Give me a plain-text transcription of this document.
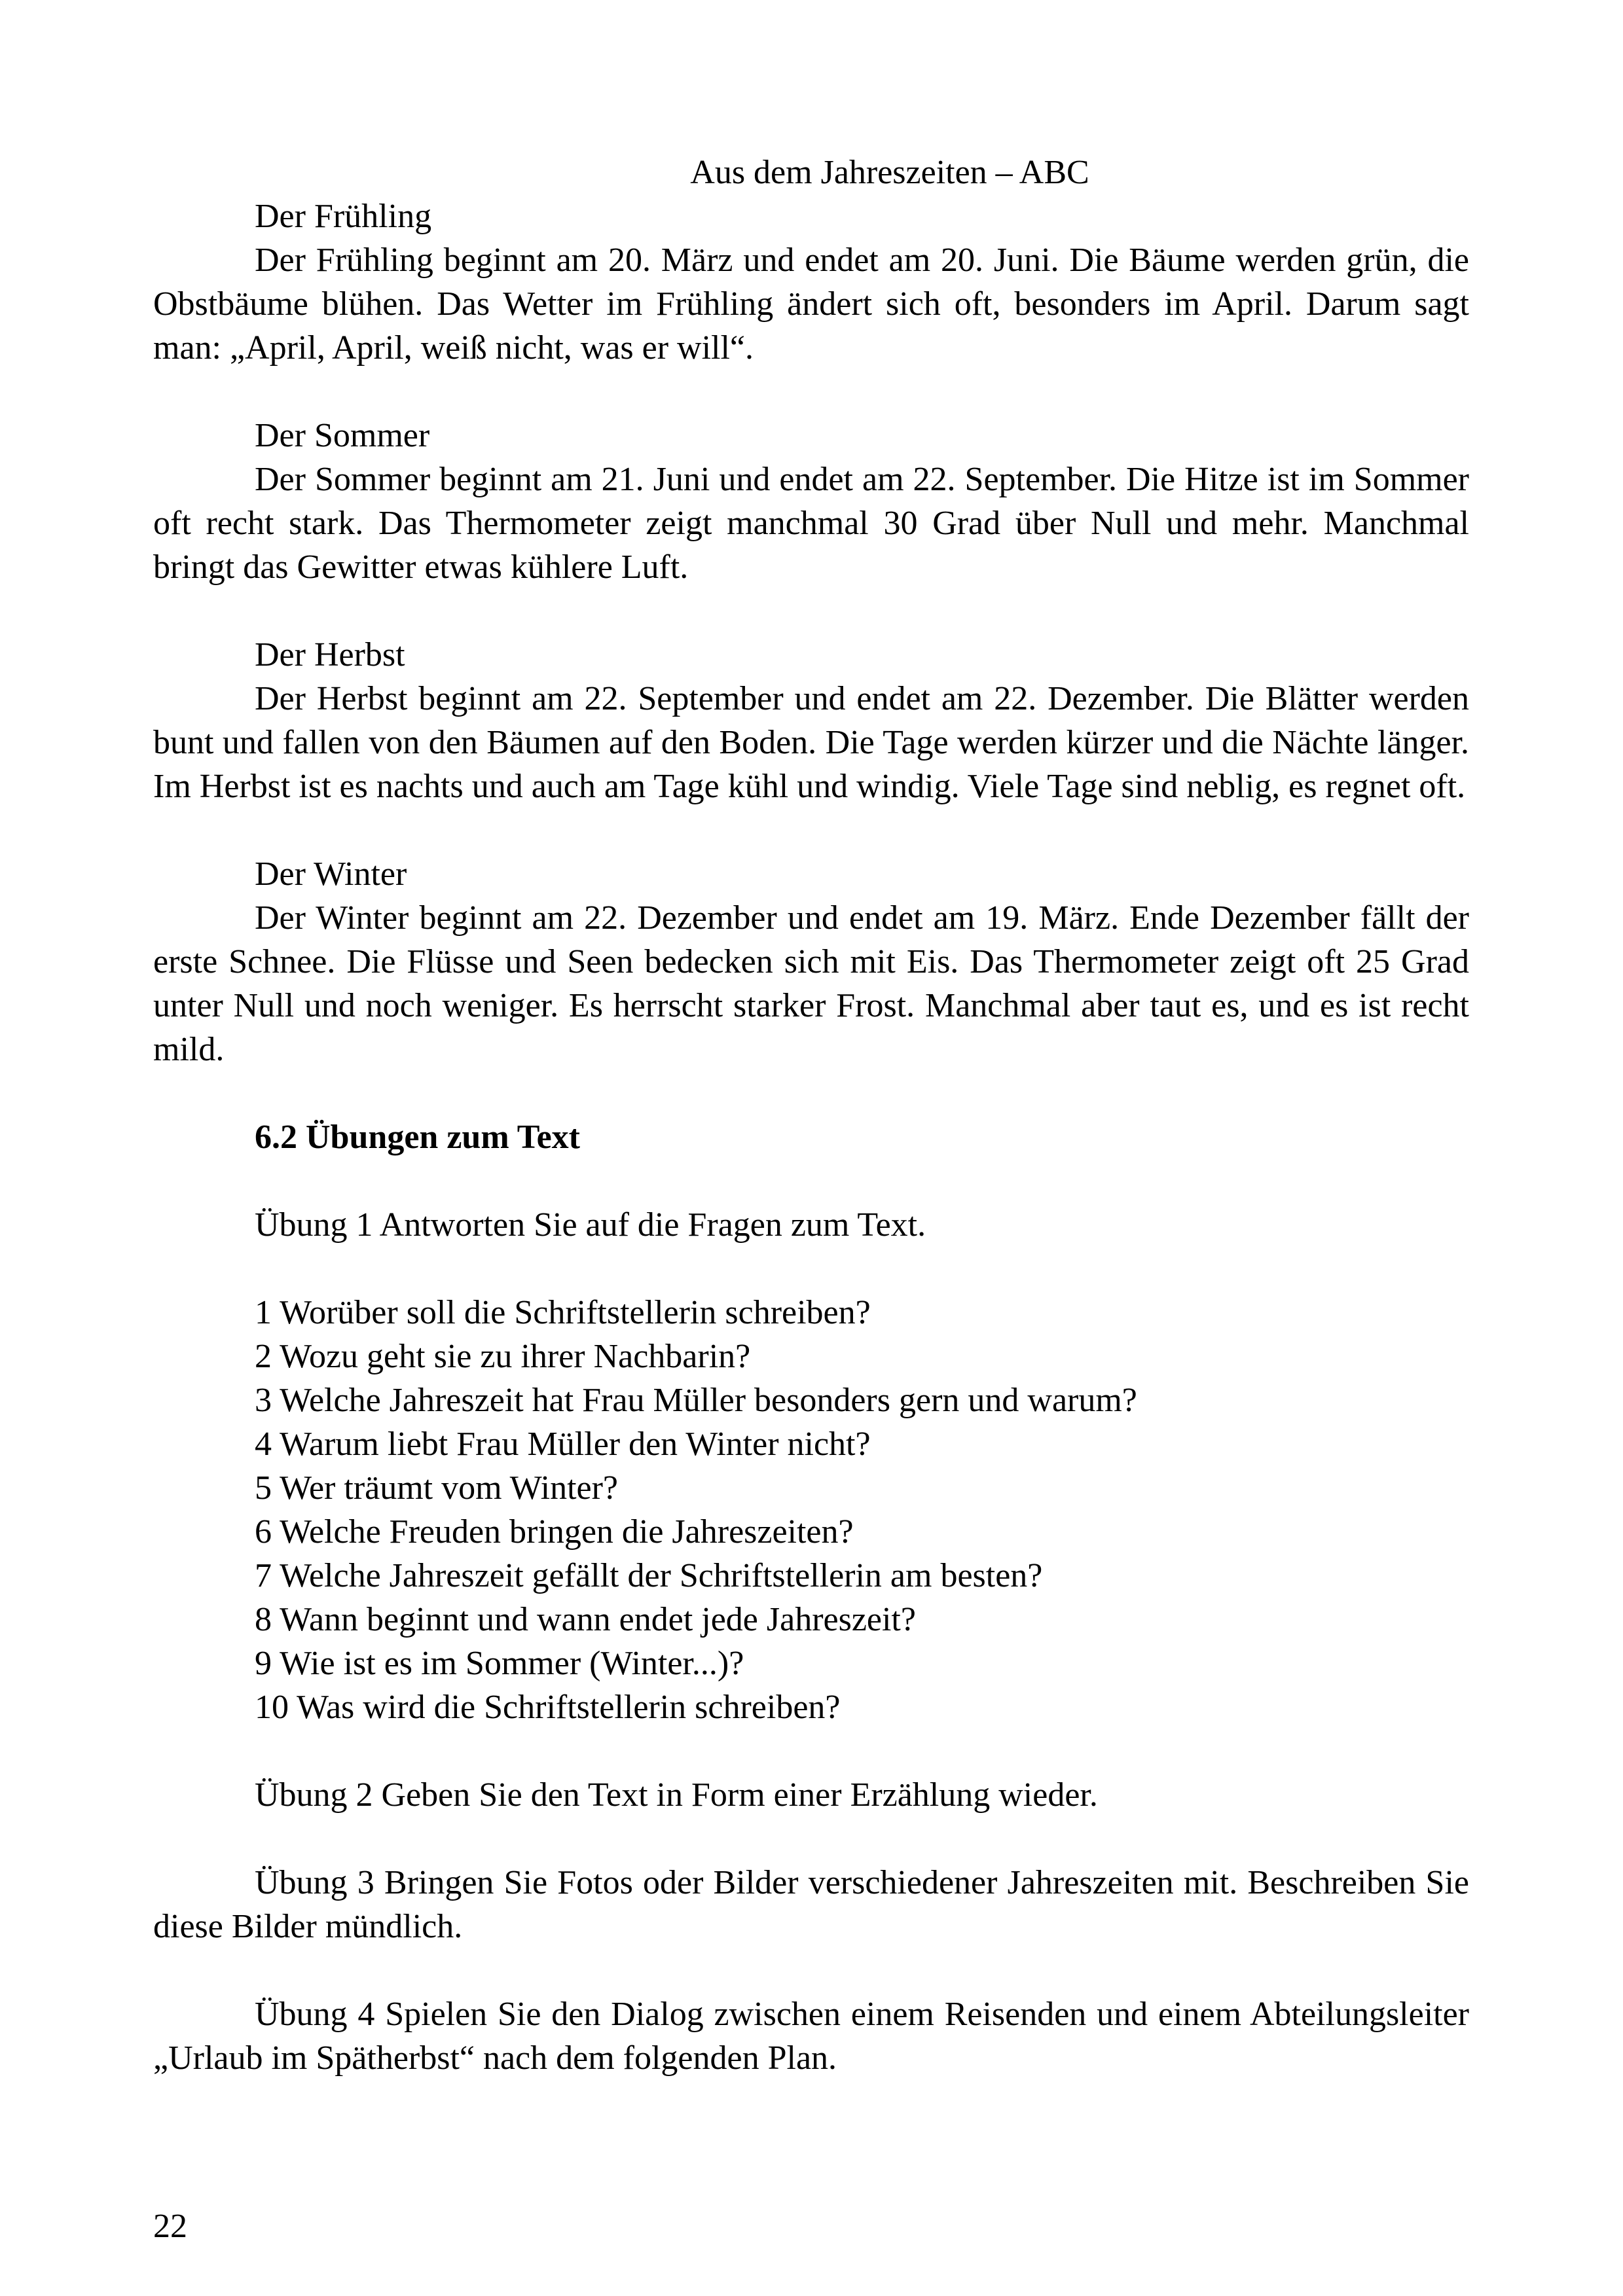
Aus dem Jahreszeiten – ABC

Der Frühling

Der Frühling beginnt am 20. März und endet am 20. Juni. Die Bäume werden grün, die Obstbäume blühen. Das Wetter im Frühling ändert sich oft, besonders im April. Darum sagt man: „April, April, weiß nicht, was er will“.

Der Sommer

Der Sommer beginnt am 21. Juni und endet am 22. September. Die Hitze ist im Sommer oft recht stark. Das Thermometer zeigt manchmal 30 Grad über Null und mehr. Manchmal bringt das Gewitter etwas kühlere Luft.

Der Herbst

Der Herbst beginnt am 22. September und endet am 22. Dezember. Die Blätter werden bunt und fallen von den Bäumen auf den Boden. Die Tage werden kürzer und die Nächte länger. Im Herbst ist es nachts und auch am Tage kühl und windig. Viele Tage sind neblig, es regnet oft.

Der Winter

Der Winter beginnt am 22. Dezember und endet am 19. März. Ende Dezember fällt der erste Schnee. Die Flüsse und Seen bedecken sich mit Eis. Das Thermometer zeigt oft 25 Grad unter Null und noch weniger. Es herrscht starker Frost. Manchmal aber taut es, und es ist recht mild.

6.2 Übungen zum Text

Übung 1 Antworten Sie auf die Fragen zum Text.

1 Worüber soll die Schriftstellerin schreiben?
2 Wozu geht sie zu ihrer Nachbarin?
3 Welche Jahreszeit hat Frau Müller besonders gern und warum?
4 Warum liebt Frau Müller den Winter nicht?
5 Wer träumt vom Winter?
6 Welche Freuden bringen die Jahreszeiten?
7 Welche Jahreszeit gefällt der Schriftstellerin am besten?
8 Wann beginnt und wann endet jede Jahreszeit?
9 Wie ist es im Sommer (Winter...)?
10 Was wird die Schriftstellerin schreiben?

Übung 2 Geben Sie den Text in Form einer Erzählung wieder.

Übung 3 Bringen Sie Fotos oder Bilder verschiedener Jahreszeiten mit. Beschreiben Sie diese Bilder mündlich.

Übung 4 Spielen Sie den Dialog zwischen einem Reisenden und einem Abteilungsleiter „Urlaub im Spätherbst“ nach dem folgenden Plan.

22
